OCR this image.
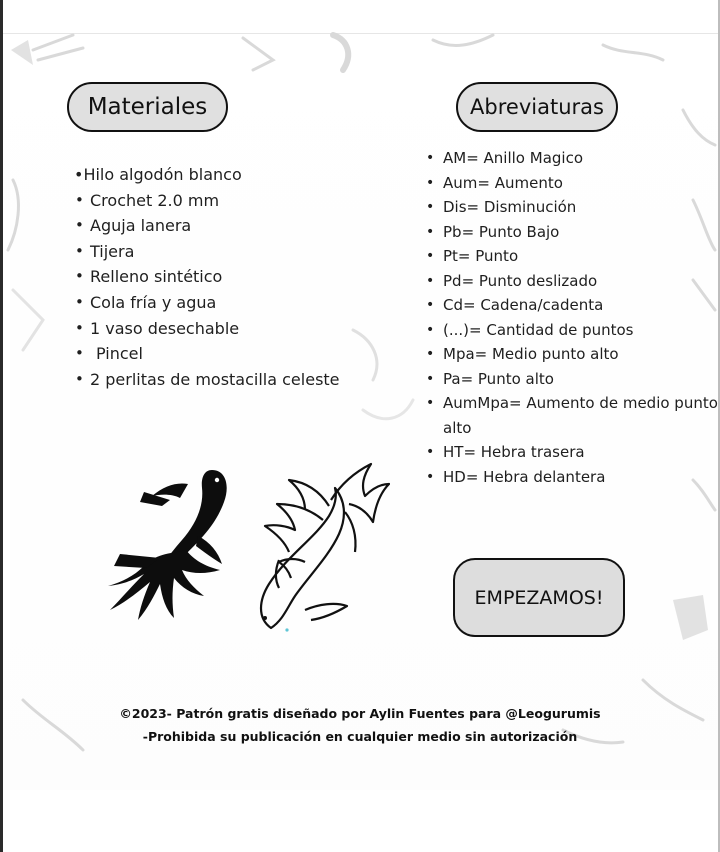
Materiales	Abreviaturas
•Hilo algodón blanco
• Crochet 2.0 mm
• Aguja lanera
• Tijera
• Relleno sintético
• Cola fría y agua
• 1 vaso desechable
• Pincel
• 2 perlitas de mostacilla celeste
• AM= Anillo Magico
• Aum= Aumento
• Dis= Disminución
• Pb= Punto Bajo
• Pt= Punto
• Pd= Punto deslizado
• Cd= Cadena/cadenta
• (...)= Cantidad de puntos
• Mpa= Medio punto alto
• Pa= Punto alto
• AumMpa= Aumento de medio punto alto
• HT= Hebra trasera
• HD= Hebra delantera
EMPEZAMOS!
©2023- Patrón gratis diseñado por Aylin Fuentes para @Leogurumis
-Prohibida su publicación en cualquier medio sin autorización
